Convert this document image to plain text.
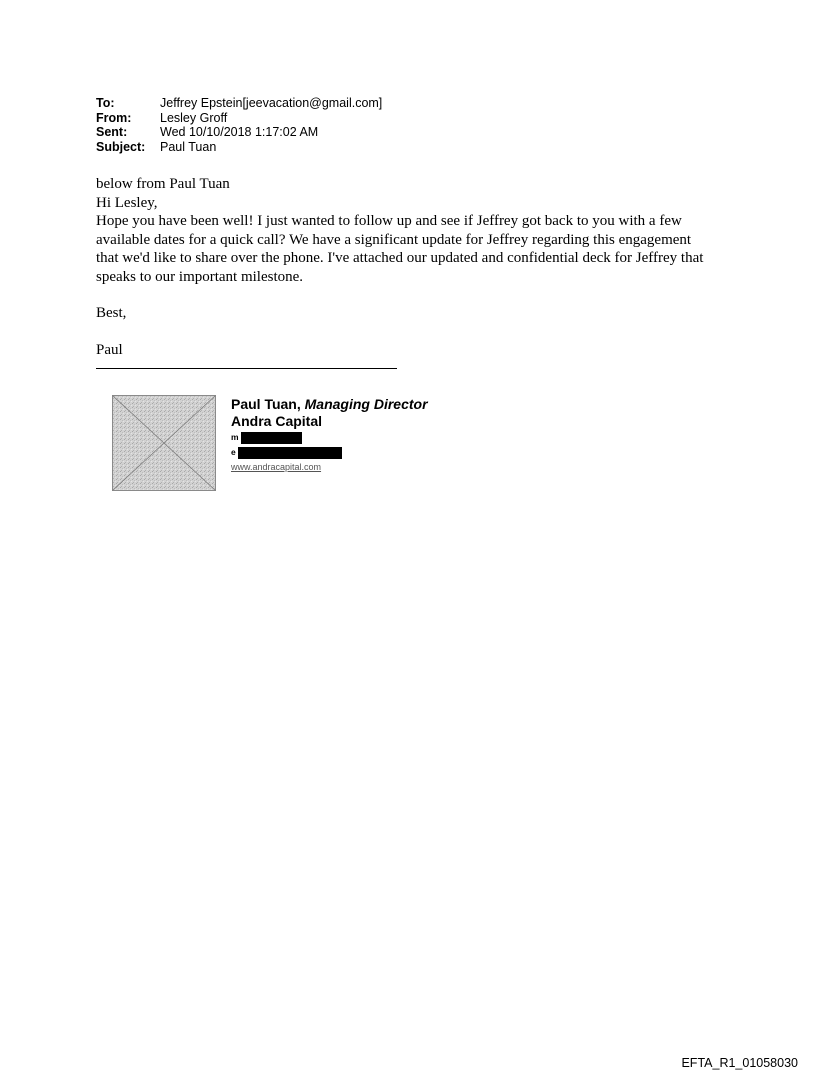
To:	Jeffrey Epstein[jeevacation@gmail.com]
From:	Lesley Groff
Sent:	Wed 10/10/2018 1:17:02 AM
Subject:	Paul Tuan

below from Paul Tuan

Hi Lesley,

Hope you have been well! I just wanted to follow up and see if Jeffrey got back to you with a few available dates for a quick call? We have a significant update for Jeffrey regarding this engagement that we'd like to share over the phone. I've attached our updated and confidential deck for Jeffrey that speaks to our important milestone.

Best,

Paul

Paul Tuan, Managing Director
Andra Capital
m
e
www.andracapital.com
EFTA_R1_01058030
